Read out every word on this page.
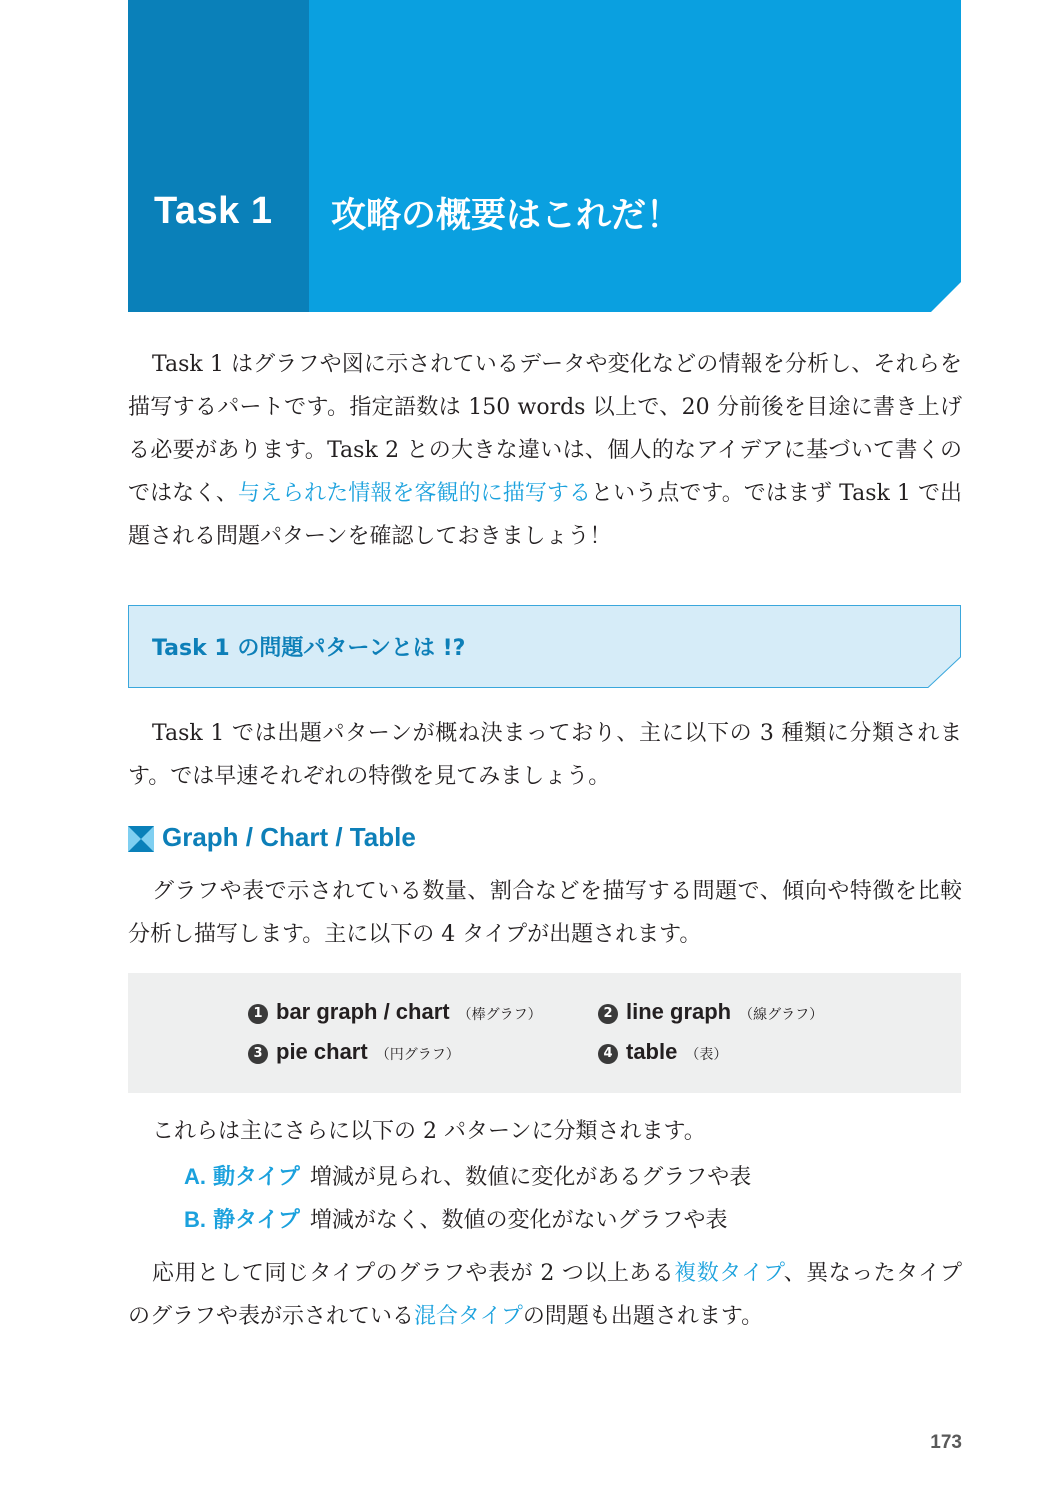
Task 1	攻略の概要はこれだ！

Task 1 はグラフや図に示されているデータや変化などの情報を分析し、それらを描写するパートです。指定語数は 150 words 以上で、20 分前後を目途に書き上げる必要があります。Task 2 との大きな違いは、個人的なアイデアに基づいて書くのではなく、与えられた情報を客観的に描写するという点です。ではまず Task 1 で出題される問題パターンを確認しておきましょう！

Task 1 の問題パターンとは !?

Task 1 では出題パターンが概ね決まっており、主に以下の 3 種類に分類されます。では早速それぞれの特徴を見てみましょう。

Graph / Chart / Table

グラフや表で示されている数量、割合などを描写する問題で、傾向や特徴を比較分析し描写します。主に以下の 4 タイプが出題されます。

1 bar graph / chart （棒グラフ）	2 line graph （線グラフ）
3 pie chart （円グラフ）	4 table （表）

これらは主にさらに以下の 2 パターンに分類されます。

A. 動タイプ 増減が見られ、数値に変化があるグラフや表
B. 静タイプ 増減がなく、数値の変化がないグラフや表

応用として同じタイプのグラフや表が 2 つ以上ある複数タイプ、異なったタイプのグラフや表が示されている混合タイプの問題も出題されます。

173
